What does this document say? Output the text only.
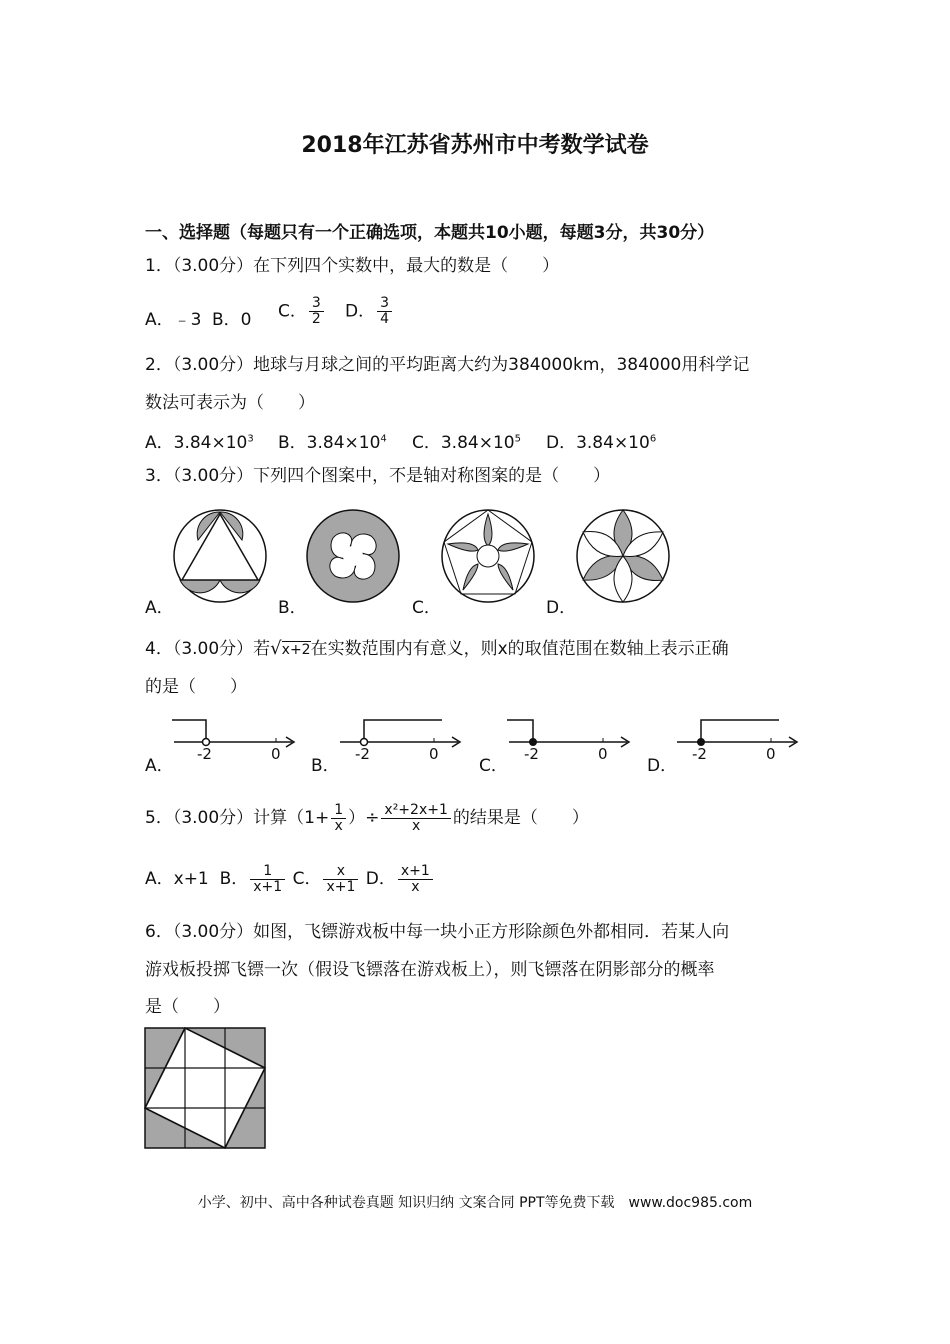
2018年江苏省苏州市中考数学试卷
一、选择题（每题只有一个正确选项，本题共10小题，每题3分，共30分）
1．（3.00分）在下列四个实数中，最大的数是（　　）
A．﹣3 B．0 C． $\frac{3}{2}$ D． $\frac{3}{4}$
2．（3.00分）地球与月球之间的平均距离大约为384000km，384000用科学记
数法可表示为（　　）
A．$3.84\times 10^3$ B．$3.84\times 10^4$ C．$3.84\times 10^5$ D．$3.84\times 10^6$
3．（3.00分）下列四个图案中，不是轴对称图案的是（　　）
A．	B．	C．	D．
4．（3.00分）若√x+2在实数范围内有意义，则x的取值范围在数轴上表示正确
的是（　　）
A．
-2	0
B．
-2	0
C．
-2	0
D．
-2	0
5．（3.00分）计算（$1+ \frac{1}{x}$ ）÷ $\frac{\text{x²+2x+1}}{x}$ 的结果是（　　）
A．x+1 B． $\frac{1}{x+1}$ C． $\frac{x}{x+1}$ D． $\frac{x+1}{x}$
6．（3.00分）如图，飞镖游戏板中每一块小正方形除颜色外都相同．若某人向
游戏板投掷飞镖一次（假设飞镖落在游戏板上），则飞镖落在阴影部分的概率
是（　　）
小学、初中、高中各种试卷真题 知识归纳 文案合同 PPT等免费下载　www.doc985.com
